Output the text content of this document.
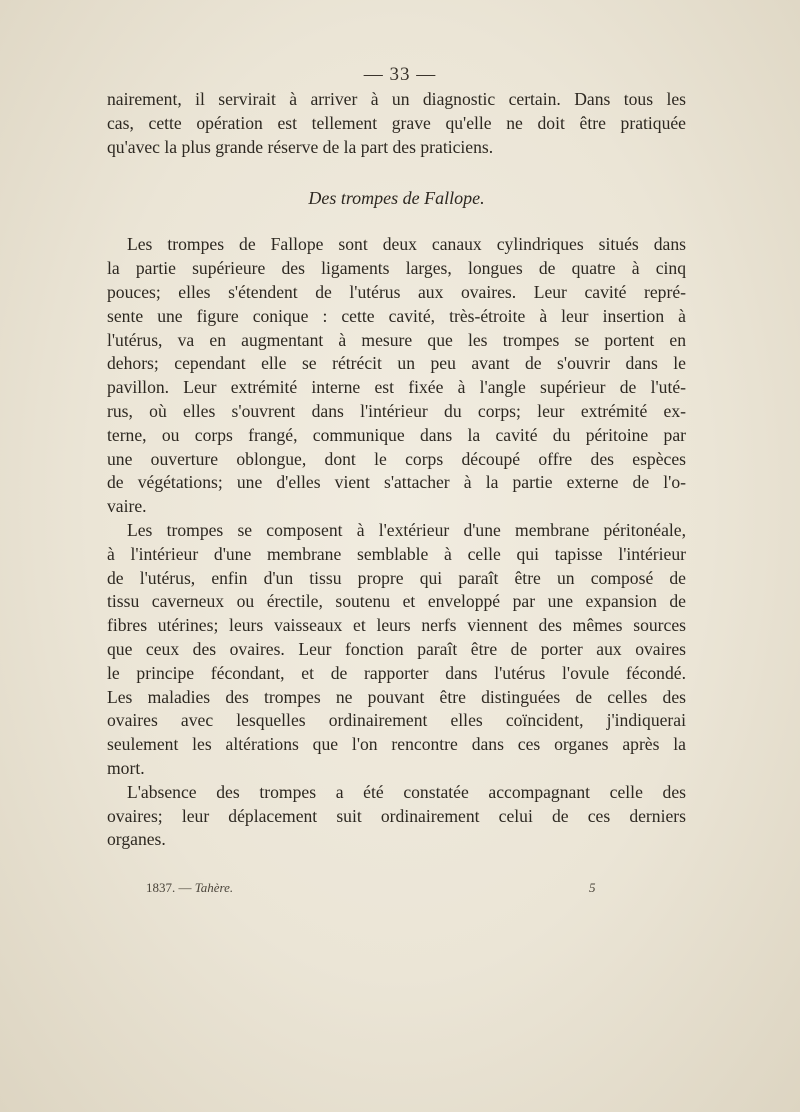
— 33 —
nairement, il servirait à arriver à un diagnostic certain. Dans tous les
cas, cette opération est tellement grave qu'elle ne doit être pratiquée
qu'avec la plus grande réserve de la part des praticiens.
Des trompes de Fallope.
Les trompes de Fallope sont deux canaux cylindriques situés dans
la partie supérieure des ligaments larges, longues de quatre à cinq
pouces; elles s'étendent de l'utérus aux ovaires. Leur cavité repré-
sente une figure conique : cette cavité, très-étroite à leur insertion à
l'utérus, va en augmentant à mesure que les trompes se portent en
dehors; cependant elle se rétrécit un peu avant de s'ouvrir dans le
pavillon. Leur extrémité interne est fixée à l'angle supérieur de l'uté-
rus, où elles s'ouvrent dans l'intérieur du corps; leur extrémité ex-
terne, ou corps frangé, communique dans la cavité du péritoine par
une ouverture oblongue, dont le corps découpé offre des espèces
de végétations; une d'elles vient s'attacher à la partie externe de l'o-
vaire.
Les trompes se composent à l'extérieur d'une membrane péritonéale,
à l'intérieur d'une membrane semblable à celle qui tapisse l'intérieur
de l'utérus, enfin d'un tissu propre qui paraît être un composé de
tissu caverneux ou érectile, soutenu et enveloppé par une expansion de
fibres utérines; leurs vaisseaux et leurs nerfs viennent des mêmes sources
que ceux des ovaires. Leur fonction paraît être de porter aux ovaires
le principe fécondant, et de rapporter dans l'utérus l'ovule fécondé.
Les maladies des trompes ne pouvant être distinguées de celles des
ovaires avec lesquelles ordinairement elles coïncident, j'indiquerai
seulement les altérations que l'on rencontre dans ces organes après la
mort.
L'absence des trompes a été constatée accompagnant celle des
ovaires; leur déplacement suit ordinairement celui de ces derniers
organes.
1837. — Tahère.	5
